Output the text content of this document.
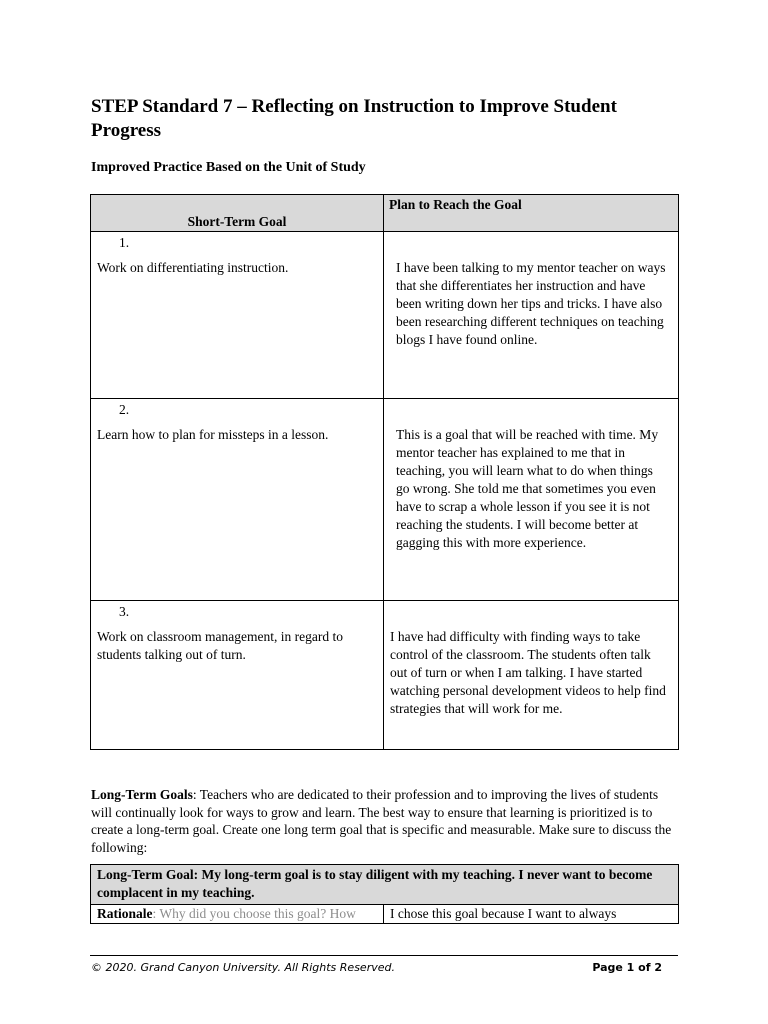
STEP Standard 7 – Reflecting on Instruction to Improve Student Progress
Improved Practice Based on the Unit of Study
Short-Term Goal	Plan to Reach the Goal

1.
Work on differentiating instruction.	I have been talking to my mentor teacher on ways that she differentiates her instruction and have been writing down her tips and tricks. I have also been researching different techniques on teaching blogs I have found online.

2.
Learn how to plan for missteps in a lesson.	This is a goal that will be reached with time. My mentor teacher has explained to me that in teaching, you will learn what to do when things go wrong. She told me that sometimes you even have to scrap a whole lesson if you see it is not reaching the students. I will become better at gagging this with more experience.

3.
Work on classroom management, in regard to students talking out of turn.	I have had difficulty with finding ways to take control of the classroom. The students often talk out of turn or when I am talking. I have started watching personal development videos to help find strategies that will work for me.
Long-Term Goals: Teachers who are dedicated to their profession and to improving the lives of students will continually look for ways to grow and learn. The best way to ensure that learning is prioritized is to create a long-term goal. Create one long term goal that is specific and measurable. Make sure to discuss the following:
Long-Term Goal: My long-term goal is to stay diligent with my teaching. I never want to become complacent in my teaching.
Rationale: Why did you choose this goal? How	I chose this goal because I want to always
© 2020. Grand Canyon University. All Rights Reserved.	Page 1 of 2
